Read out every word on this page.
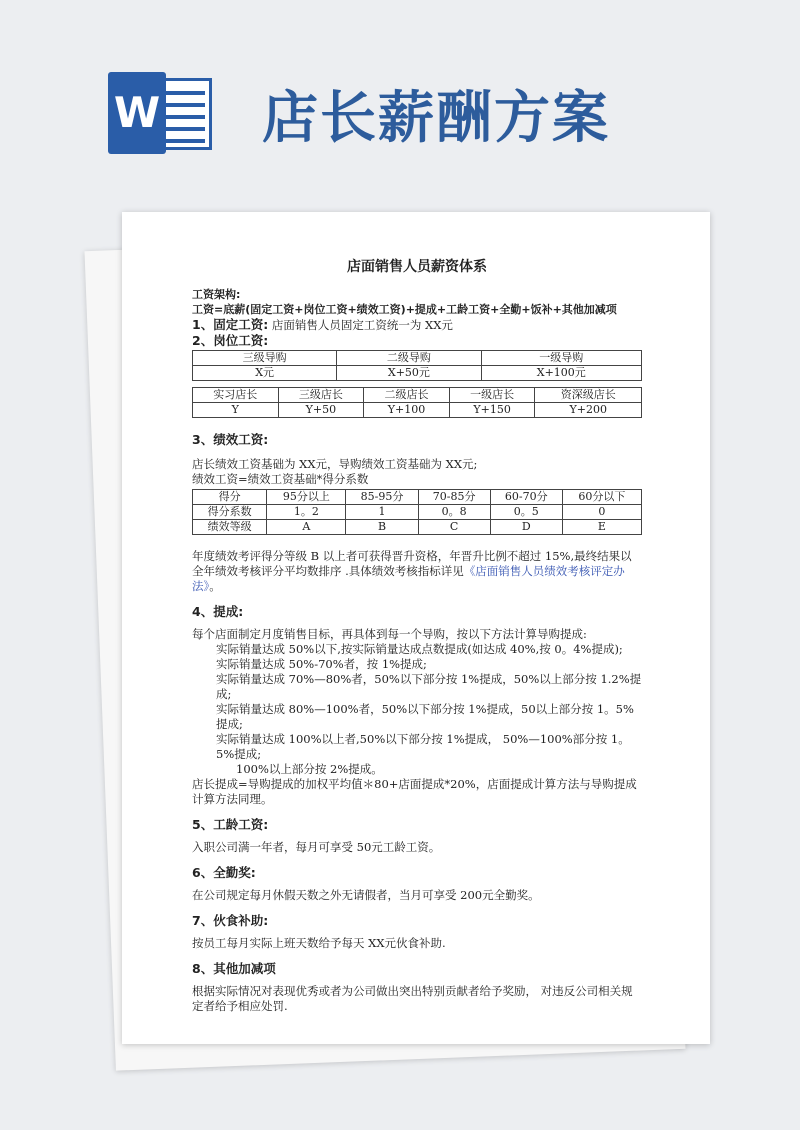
W 店长薪酬方案

店面销售人员薪资体系

工资架构:

工资=底薪(固定工资+岗位工资+绩效工资)+提成+工龄工资+全勤+饭补+其他加减项

1、固定工资: 店面销售人员固定工资统一为 XX元

2、岗位工资:

三级导购	二级导购	一级导购
X元	X+50元	X+100元
实习店长	三级店长	二级店长	一级店长	资深级店长
Y	Y+50	Y+100	Y+150	Y+200

3、绩效工资:

店长绩效工资基础为 XX元，导购绩效工资基础为 XX元;

绩效工资=绩效工资基础*得分系数

得分	95分以上	85-95分	70-85分	60-70分	60分以下
得分系数	1。2	1	0。8	0。5	0
绩效等级	A	B	C	D	E

年度绩效考评得分等级 B 以上者可获得晋升资格，年晋升比例不超过 15%,最终结果以全年绩效考核评分平均数排序 .具体绩效考核指标详见《店面销售人员绩效考核评定办法》。

4、提成:

每个店面制定月度销售目标，再具体到每一个导购，按以下方法计算导购提成:

实际销量达成 50%以下,按实际销量达成点数提成(如达成 40%,按 0。4%提成);

实际销量达成 50%-70%者，按 1%提成;

实际销量达成 70%—80%者，50%以下部分按 1%提成，50%以上部分按 1.2%提成;

实际销量达成 80%—100%者，50%以下部分按 1%提成，50以上部分按 1。5%提成;

实际销量达成 100%以上者,50%以下部分按 1%提成， 50%—100%部分按 1。5%提成;

100%以上部分按 2%提成。

店长提成=导购提成的加权平均值＊80+店面提成*20%，店面提成计算方法与导购提成计算方法同理。

5、工龄工资:

入职公司满一年者，每月可享受 50元工龄工资。

6、全勤奖:

在公司规定每月休假天数之外无请假者，当月可享受 200元全勤奖。

7、伙食补助:

按员工每月实际上班天数给予每天 XX元伙食补助.

8、其他加减项

根据实际情况对表现优秀或者为公司做出突出特别贡献者给予奖励， 对违反公司相关规定者给予相应处罚.
